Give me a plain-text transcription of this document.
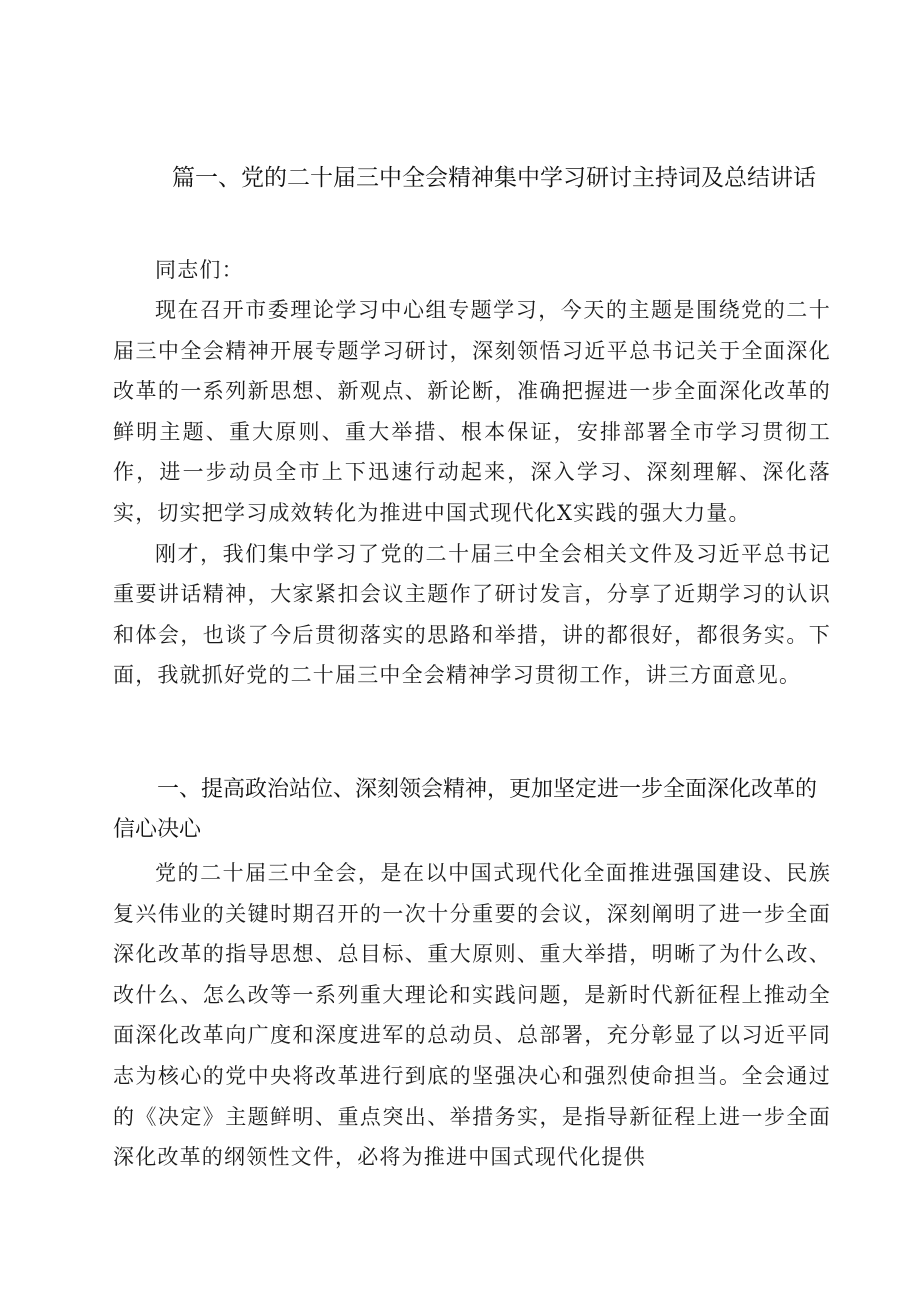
篇一、党的二十届三中全会精神集中学习研讨主持词及总结讲话

同志们：

现在召开市委理论学习中心组专题学习，今天的主题是围绕党的二十届三中全会精神开展专题学习研讨，深刻领悟习近平总书记关于全面深化改革的一系列新思想、新观点、新论断，准确把握进一步全面深化改革的鲜明主题、重大原则、重大举措、根本保证，安排部署全市学习贯彻工作，进一步动员全市上下迅速行动起来，深入学习、深刻理解、深化落实，切实把学习成效转化为推进中国式现代化X实践的强大力量。

刚才，我们集中学习了党的二十届三中全会相关文件及习近平总书记重要讲话精神，大家紧扣会议主题作了研讨发言，分享了近期学习的认识和体会，也谈了今后贯彻落实的思路和举措，讲的都很好，都很务实。下面，我就抓好党的二十届三中全会精神学习贯彻工作，讲三方面意见。

一、提高政治站位、深刻领会精神，更加坚定进一步全面深化改革的信心决心

党的二十届三中全会，是在以中国式现代化全面推进强国建设、民族复兴伟业的关键时期召开的一次十分重要的会议，深刻阐明了进一步全面深化改革的指导思想、总目标、重大原则、重大举措，明晰了为什么改、改什么、怎么改等一系列重大理论和实践问题，是新时代新征程上推动全面深化改革向广度和深度进军的总动员、总部署，充分彰显了以习近平同志为核心的党中央将改革进行到底的坚强决心和强烈使命担当。全会通过的《决定》主题鲜明、重点突出、举措务实，是指导新征程上进一步全面深化改革的纲领性文件，必将为推进中国式现代化提供
